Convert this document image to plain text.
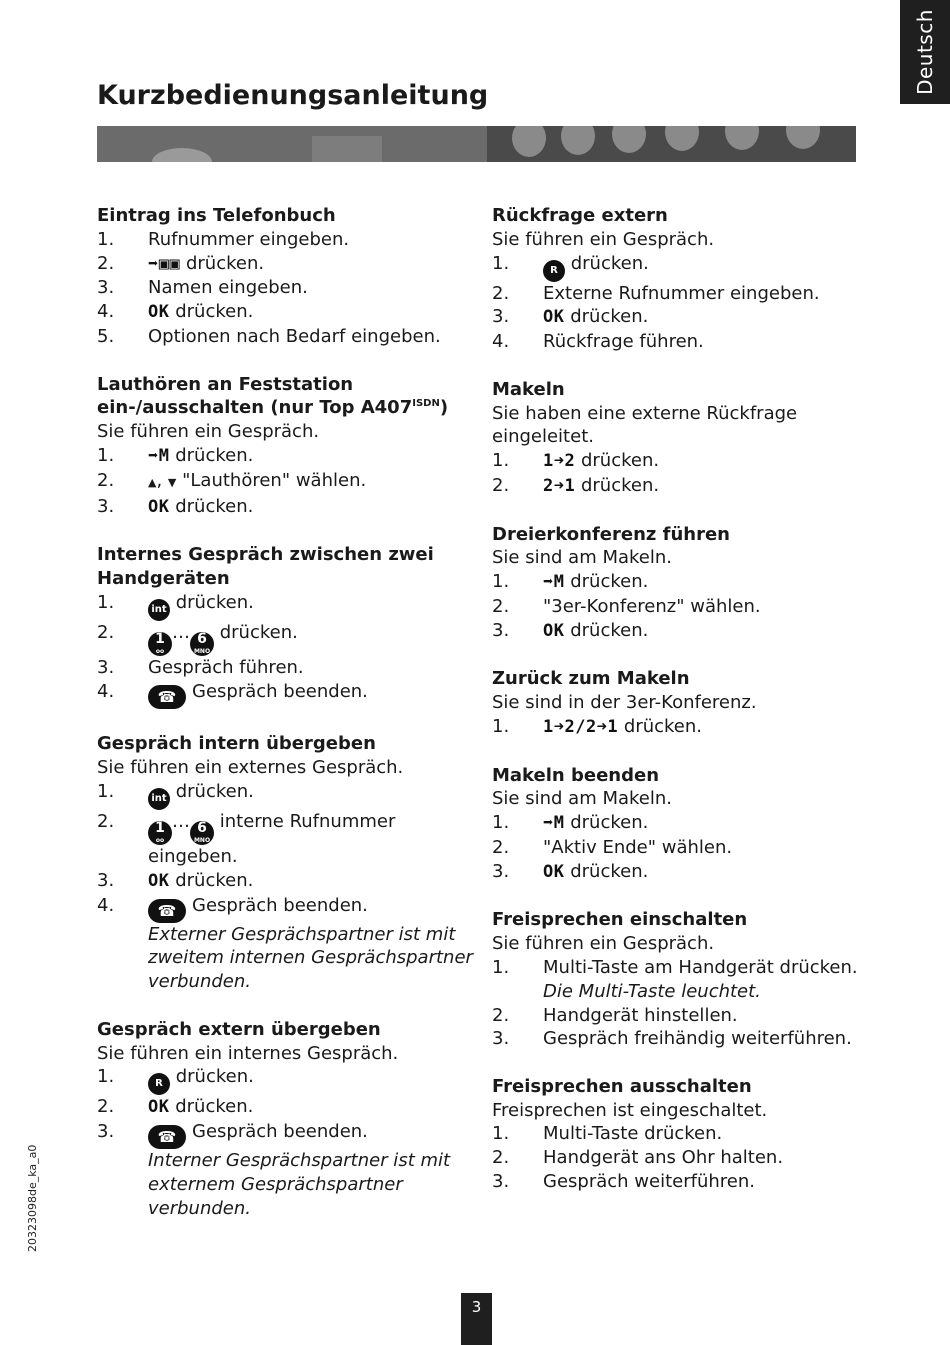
Deutsch
Kurzbedienungsanleitung
Eintrag ins Telefonbuch
1.	Rufnummer eingeben.
2.	➡▣▣ drücken.
3.	Namen eingeben.
4.	OK drücken.
5.	Optionen nach Bedarf eingeben.
Lauthören an Feststation
ein-/ausschalten (nur Top $A407^{ISDN}$)
Sie führen ein Gespräch.
1.	➡M drücken.
2.	▲, ▼ "Lauthören" wählen.
3.	OK drücken.
Internes Gespräch zwischen zwei
Handgeräten
1.	int drücken.
2.	1
oo
… 6
MNO
drücken.
3.	Gespräch führen.
4.	☎ Gespräch beenden.
Gespräch intern übergeben
Sie führen ein externes Gespräch.
1.	int drücken.
2.	1
oo
… 6
MNO
interne Rufnummer
eingeben.
3.	OK drücken.
4.	☎ Gespräch beenden.
Externer Gesprächspartner ist mit
zweitem internen Gesprächspartner
verbunden.
Gespräch extern übergeben
Sie führen ein internes Gespräch.
1.	R drücken.
2.	OK drücken.
3.	☎ Gespräch beenden.
Interner Gesprächspartner ist mit
externem Gesprächspartner
verbunden.
Rückfrage extern
Sie führen ein Gespräch.
1.	R drücken.
2.	Externe Rufnummer eingeben.
3.	OK drücken.
4.	Rückfrage führen.
Makeln
Sie haben eine externe Rückfrage
eingeleitet.
1.	1➜2 drücken.
2.	2➜1 drücken.
Dreierkonferenz führen
Sie sind am Makeln.
1.	➡M drücken.
2.	"3er-Konferenz" wählen.
3.	OK drücken.
Zurück zum Makeln
Sie sind in der 3er-Konferenz.
1.	1➜2/2➜1 drücken.
Makeln beenden
Sie sind am Makeln.
1.	➡M drücken.
2.	"Aktiv Ende" wählen.
3.	OK drücken.
Freisprechen einschalten
Sie führen ein Gespräch.
1.	Multi-Taste am Handgerät drücken.
Die Multi-Taste leuchtet.
2.	Handgerät hinstellen.
3.	Gespräch freihändig weiterführen.
Freisprechen ausschalten
Freisprechen ist eingeschaltet.
1.	Multi-Taste drücken.
2.	Handgerät ans Ohr halten.
3.	Gespräch weiterführen.
20323098de_ka_a0
3
